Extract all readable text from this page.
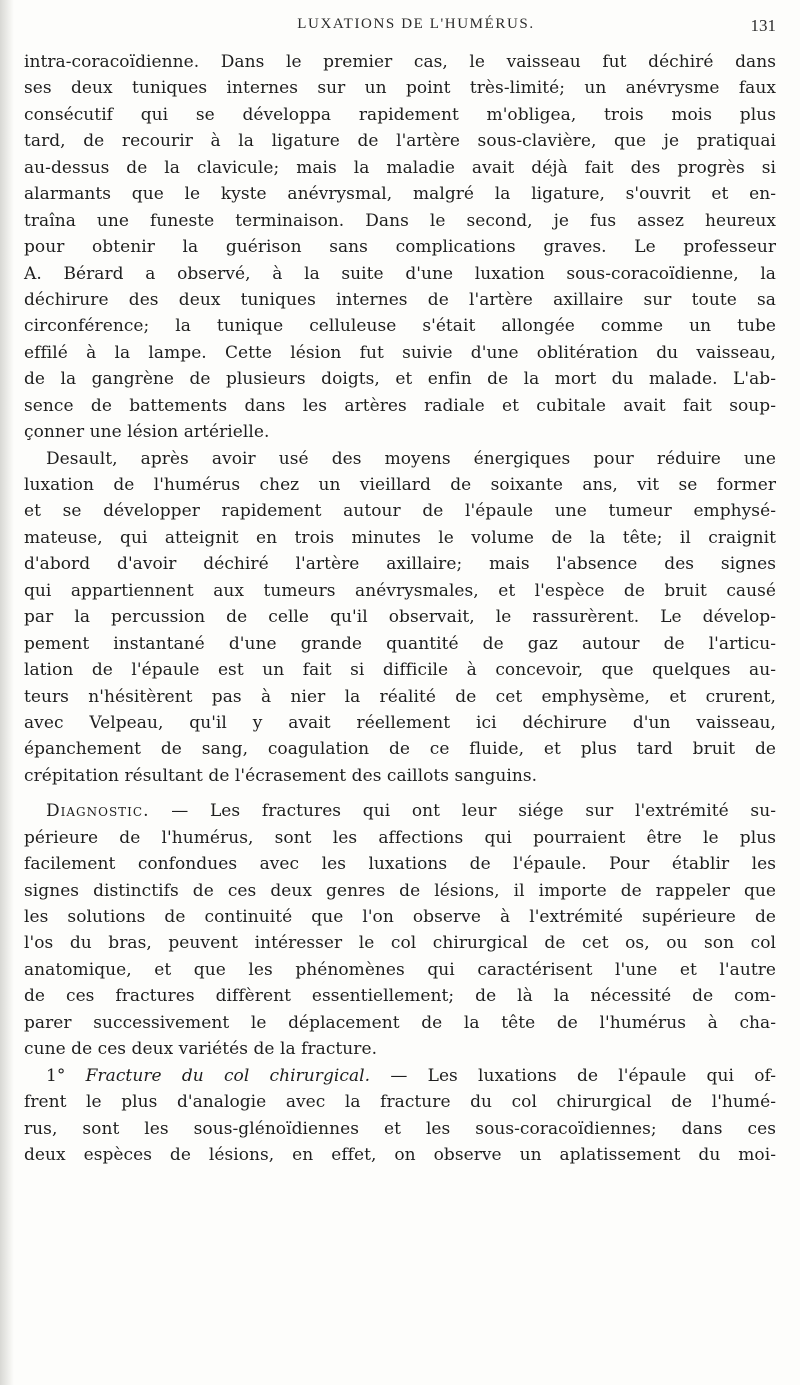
LUXATIONS DE L'HUMÉRUS.	131
intra-coracoïdienne. Dans le premier cas, le vaisseau fut déchiré dans
ses deux tuniques internes sur un point très-limité; un anévrysme faux
consécutif qui se développa rapidement m'obligea, trois mois plus
tard, de recourir à la ligature de l'artère sous-clavière, que je pratiquai
au-dessus de la clavicule; mais la maladie avait déjà fait des progrès si
alarmants que le kyste anévrysmal, malgré la ligature, s'ouvrit et en-
traîna une funeste terminaison. Dans le second, je fus assez heureux
pour obtenir la guérison sans complications graves. Le professeur
A. Bérard a observé, à la suite d'une luxation sous-coracoïdienne, la
déchirure des deux tuniques internes de l'artère axillaire sur toute sa
circonférence; la tunique celluleuse s'était allongée comme un tube
effilé à la lampe. Cette lésion fut suivie d'une oblitération du vaisseau,
de la gangrène de plusieurs doigts, et enfin de la mort du malade. L'ab-
sence de battements dans les artères radiale et cubitale avait fait soup-
çonner une lésion artérielle.
Desault, après avoir usé des moyens énergiques pour réduire une
luxation de l'humérus chez un vieillard de soixante ans, vit se former
et se développer rapidement autour de l'épaule une tumeur emphysé-
mateuse, qui atteignit en trois minutes le volume de la tête; il craignit
d'abord d'avoir déchiré l'artère axillaire; mais l'absence des signes
qui appartiennent aux tumeurs anévrysmales, et l'espèce de bruit causé
par la percussion de celle qu'il observait, le rassurèrent. Le dévelop-
pement instantané d'une grande quantité de gaz autour de l'articu-
lation de l'épaule est un fait si difficile à concevoir, que quelques au-
teurs n'hésitèrent pas à nier la réalité de cet emphysème, et crurent,
avec Velpeau, qu'il y avait réellement ici déchirure d'un vaisseau,
épanchement de sang, coagulation de ce fluide, et plus tard bruit de
crépitation résultant de l'écrasement des caillots sanguins.
Diagnostic. — Les fractures qui ont leur siége sur l'extrémité su-
périeure de l'humérus, sont les affections qui pourraient être le plus
facilement confondues avec les luxations de l'épaule. Pour établir les
signes distinctifs de ces deux genres de lésions, il importe de rappeler que
les solutions de continuité que l'on observe à l'extrémité supérieure de
l'os du bras, peuvent intéresser le col chirurgical de cet os, ou son col
anatomique, et que les phénomènes qui caractérisent l'une et l'autre
de ces fractures diffèrent essentiellement; de là la nécessité de com-
parer successivement le déplacement de la tête de l'humérus à cha-
cune de ces deux variétés de la fracture.
1° Fracture du col chirurgical. — Les luxations de l'épaule qui of-
frent le plus d'analogie avec la fracture du col chirurgical de l'humé-
rus, sont les sous-glénoïdiennes et les sous-coracoïdiennes; dans ces
deux espèces de lésions, en effet, on observe un aplatissement du moi-
